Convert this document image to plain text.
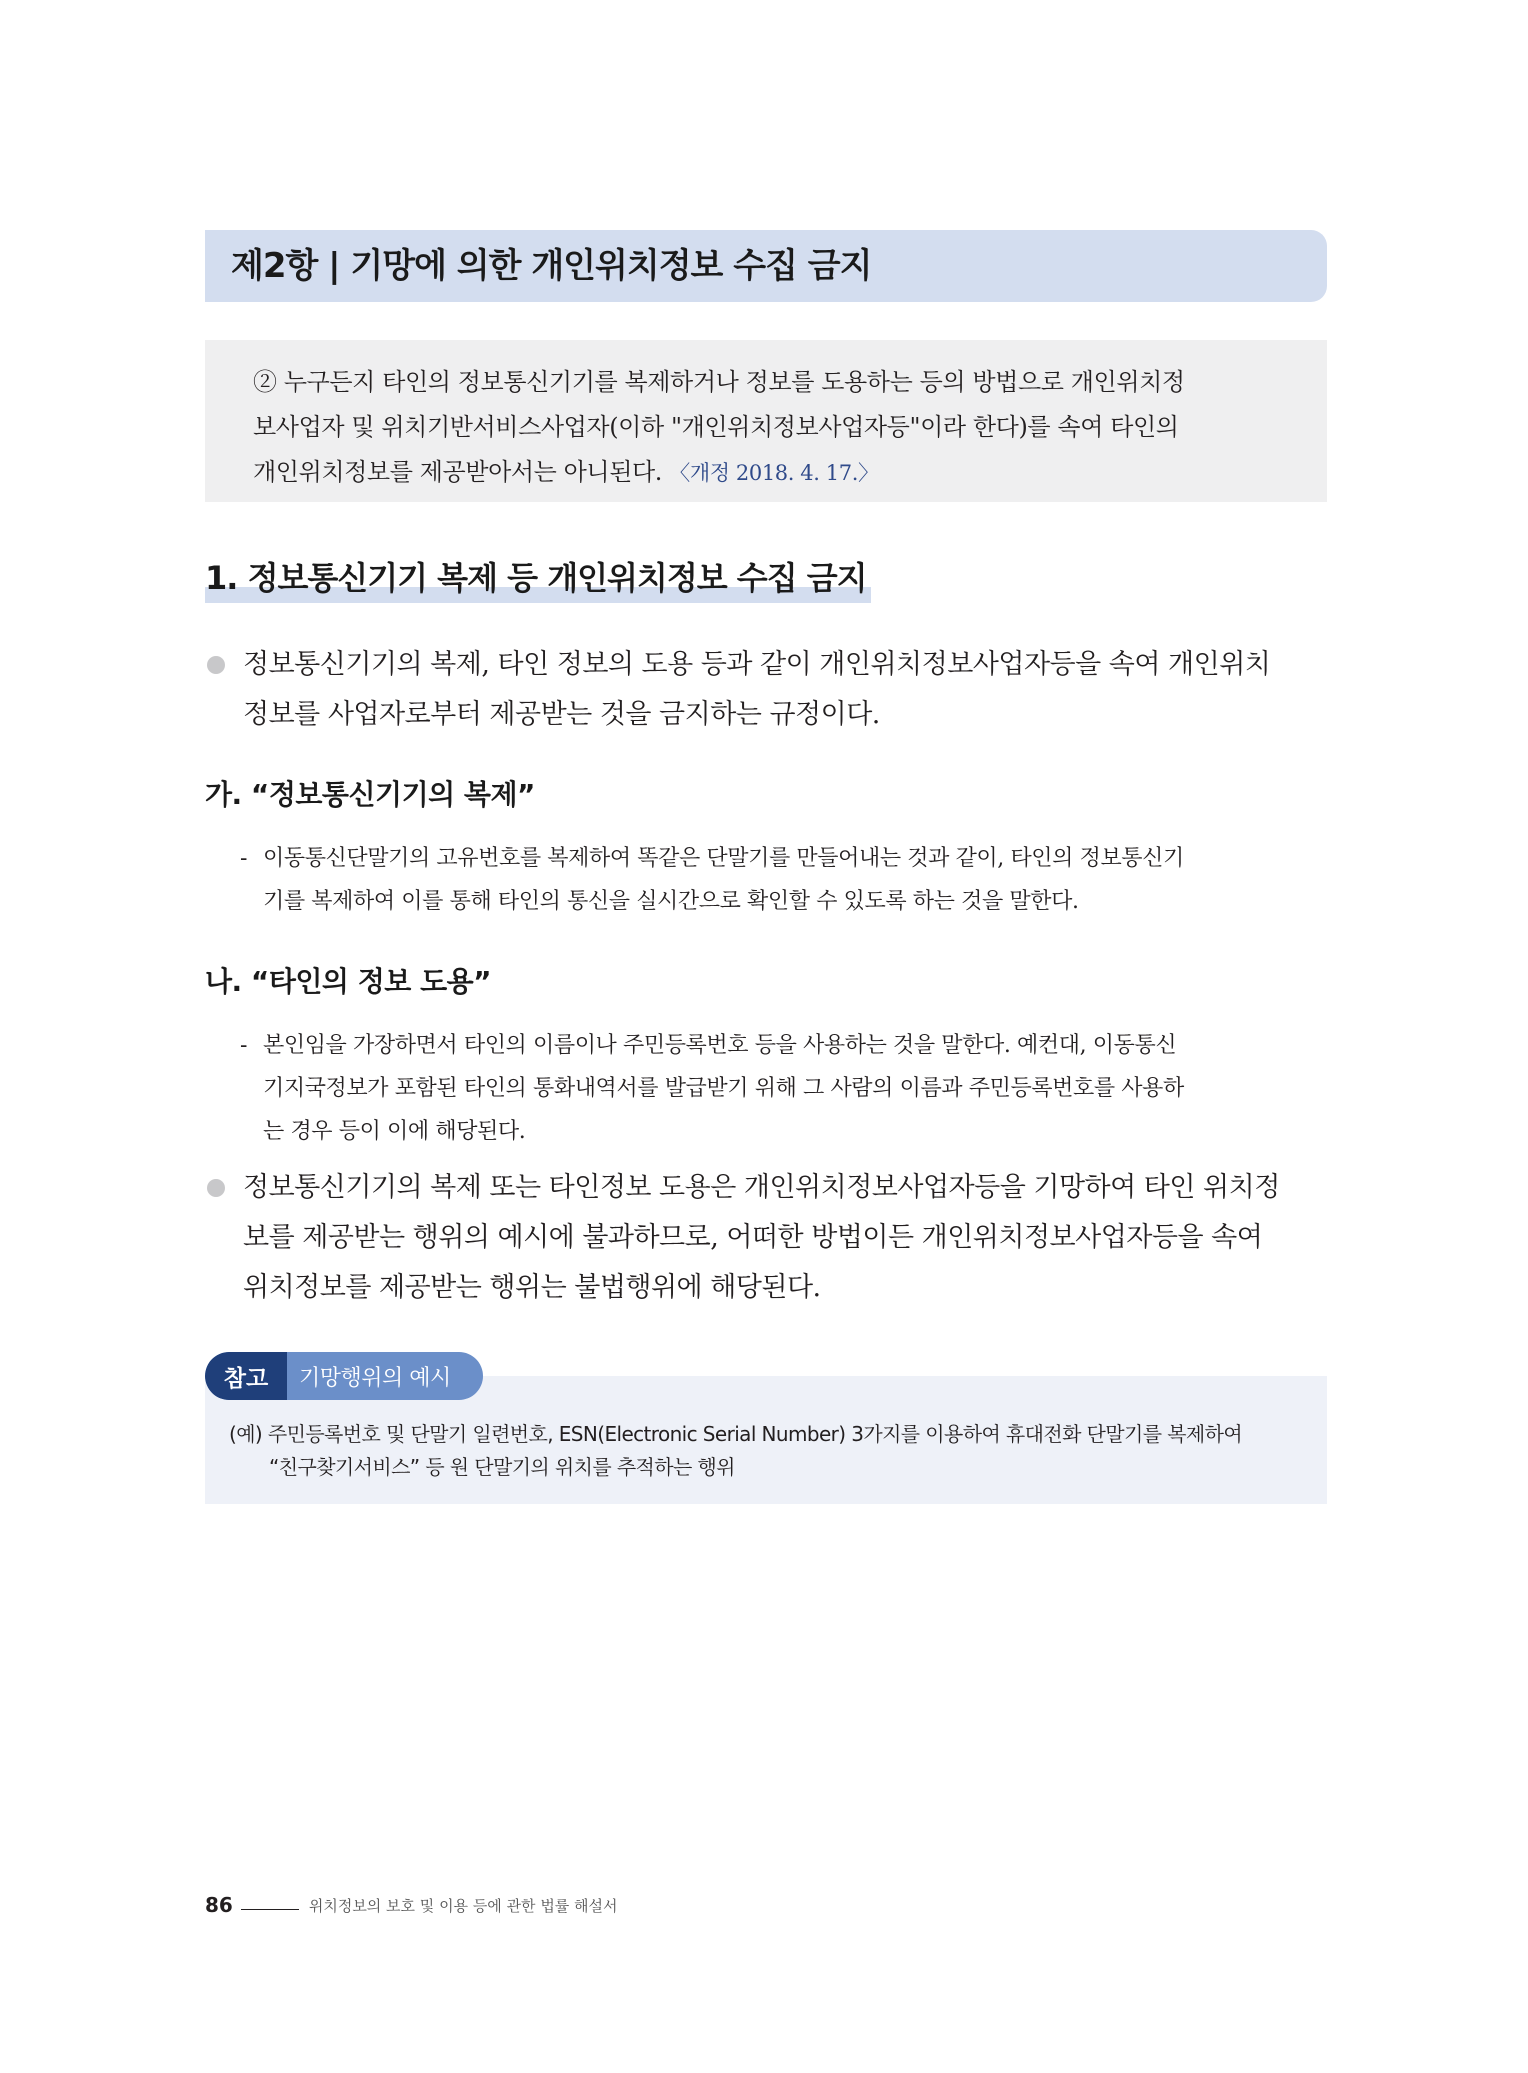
제2항 | 기망에 의한 개인위치정보 수집 금지

② 누구든지 타인의 정보통신기기를 복제하거나 정보를 도용하는 등의 방법으로 개인위치정

보사업자 및 위치기반서비스사업자(이하 "개인위치정보사업자등"이라 한다)를 속여 타인의

개인위치정보를 제공받아서는 아니된다. 〈개정 2018. 4. 17.〉

1. 정보통신기기 복제 등 개인위치정보 수집 금지

정보통신기기의 복제, 타인 정보의 도용 등과 같이 개인위치정보사업자등을 속여 개인위치

정보를 사업자로부터 제공받는 것을 금지하는 규정이다.

가. “정보통신기기의 복제”
- 이동통신단말기의 고유번호를 복제하여 똑같은 단말기를 만들어내는 것과 같이, 타인의 정보통신기

기를 복제하여 이를 통해 타인의 통신을 실시간으로 확인할 수 있도록 하는 것을 말한다.

나. “타인의 정보 도용”
- 본인임을 가장하면서 타인의 이름이나 주민등록번호 등을 사용하는 것을 말한다. 예컨대, 이동통신

기지국정보가 포함된 타인의 통화내역서를 발급받기 위해 그 사람의 이름과 주민등록번호를 사용하

는 경우 등이 이에 해당된다.

정보통신기기의 복제 또는 타인정보 도용은 개인위치정보사업자등을 기망하여 타인 위치정

보를 제공받는 행위의 예시에 불과하므로, 어떠한 방법이든 개인위치정보사업자등을 속여

위치정보를 제공받는 행위는 불법행위에 해당된다.

(예) 주민등록번호 및 단말기 일련번호, ESN(Electronic Serial Number) 3가지를 이용하여 휴대전화 단말기를 복제하여

“친구찾기서비스” 등 원 단말기의 위치를 추적하는 행위

참고	기망행위의 예시
86	위치정보의 보호 및 이용 등에 관한 법률 해설서
